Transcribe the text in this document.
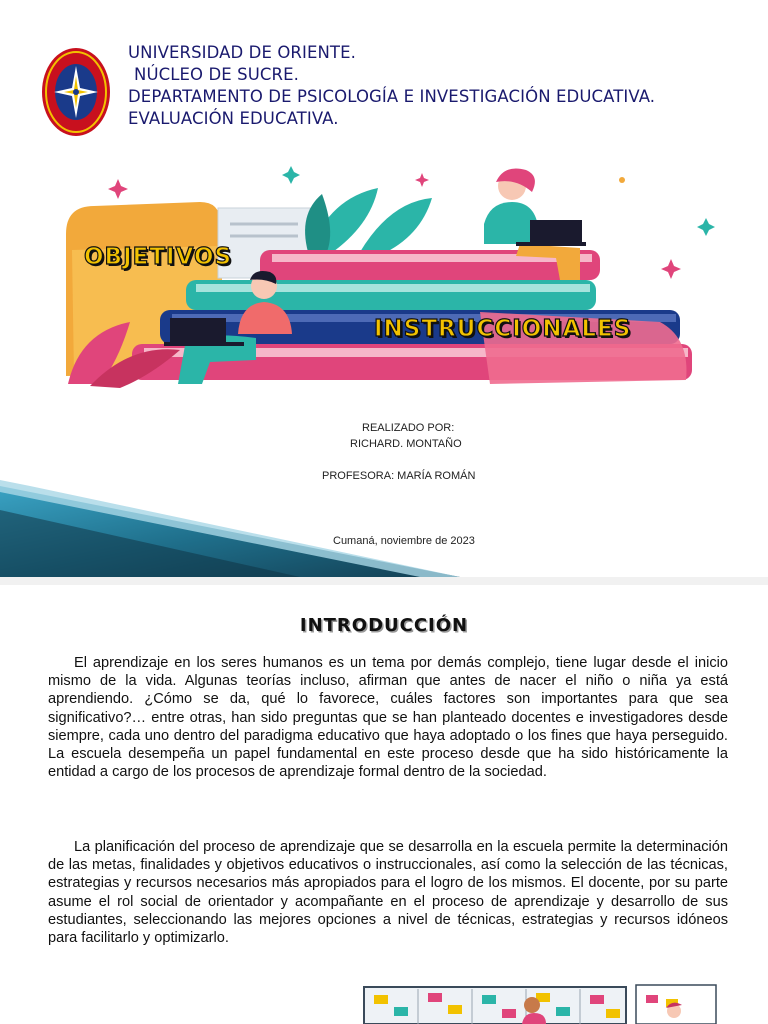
UNIVERSIDAD DE ORIENTE.
NÚCLEO DE SUCRE.
DEPARTAMENTO DE PSICOLOGÍA E INVESTIGACIÓN EDUCATIVA.
EVALUACIÓN EDUCATIVA.
OBJETIVOS
INSTRUCCIONALES
REALIZADO POR:
RICHARD. MONTAÑO
PROFESORA: MARÍA ROMÁN
Cumaná, noviembre de 2023
INTRODUCCIÓN

El aprendizaje en los seres humanos es un tema por demás complejo, tiene lugar desde el inicio mismo de la vida. Algunas teorías incluso, afirman que antes de nacer el niño o niña ya está aprendiendo. ¿Cómo se da, qué lo favorece, cuáles factores son importantes para que sea significativo?… entre otras, han sido preguntas que se han planteado docentes e investigadores desde siempre, cada uno dentro del paradigma educativo que haya adoptado o los fines que haya perseguido. La escuela desempeña un papel fundamental en este proceso desde que ha sido históricamente la entidad a cargo de los procesos de aprendizaje formal dentro de la sociedad.

La planificación del proceso de aprendizaje que se desarrolla en la escuela permite la determinación de las metas, finalidades y objetivos educativos o instruccionales, así como la selección de las técnicas, estrategias y recursos necesarios más apropiados para el logro de los mismos. El docente, por su parte asume el rol social de orientador y acompañante en el proceso de aprendizaje y desarrollo de sus estudiantes, seleccionando las mejores opciones a nivel de técnicas, estrategias y recursos idóneos para facilitarlo y optimizarlo.
